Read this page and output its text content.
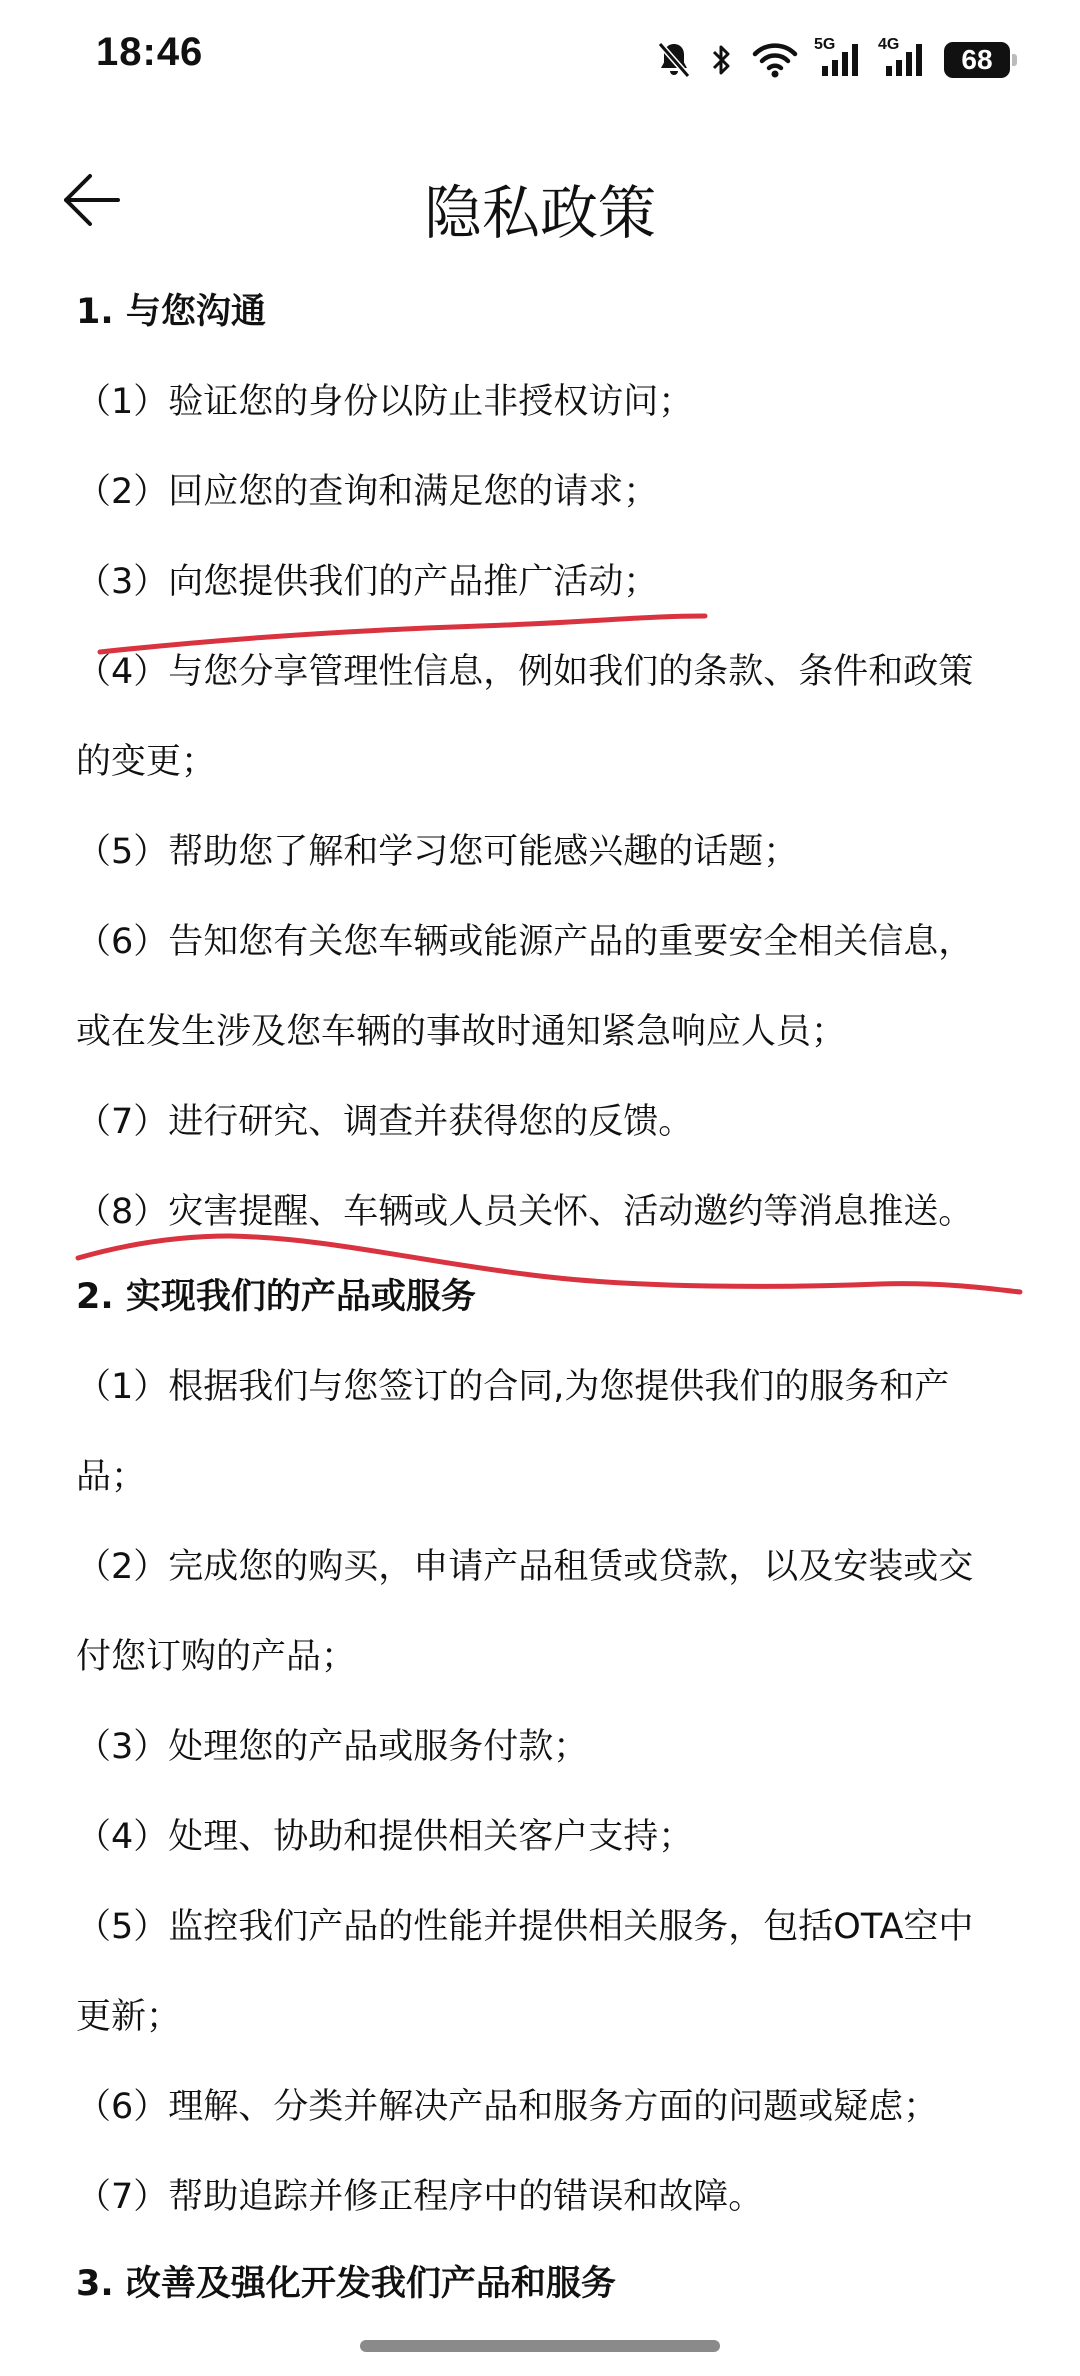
18:46	5G	4G 68
隐私政策
1. 与您沟通
（1）验证您的身份以防止非授权访问；
（2）回应您的查询和满足您的请求；
（3）向您提供我们的产品推广活动；
（4）与您分享管理性信息，例如我们的条款、条件和政策
的变更；
（5）帮助您了解和学习您可能感兴趣的话题；
（6）告知您有关您车辆或能源产品的重要安全相关信息，
或在发生涉及您车辆的事故时通知紧急响应人员；
（7）进行研究、调查并获得您的反馈。
（8）灾害提醒、车辆或人员关怀、活动邀约等消息推送。
2. 实现我们的产品或服务
（1）根据我们与您签订的合同,为您提供我们的服务和产
品；
（2）完成您的购买，申请产品租赁或贷款，以及安装或交
付您订购的产品；
（3）处理您的产品或服务付款；
（4）处理、协助和提供相关客户支持；
（5）监控我们产品的性能并提供相关服务，包括OTA空中
更新；
（6）理解、分类并解决产品和服务方面的问题或疑虑；
（7）帮助追踪并修正程序中的错误和故障。
3. 改善及强化开发我们产品和服务
